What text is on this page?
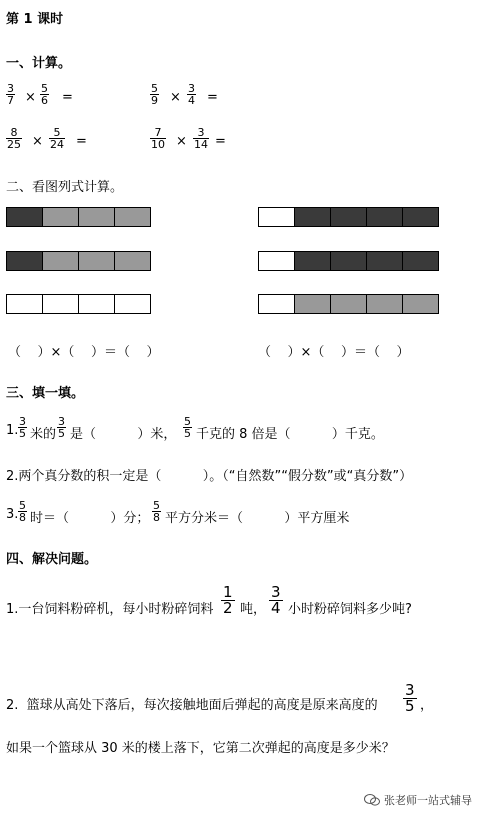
第 1 课时
一、计算。
3
7 ×
5
6 =
5
9 ×
3
4 =
8
25 ×
5
24 =
7
10 ×
3
14 =
二、看图列式计算。
（    ）×（    ）＝（    ）	（    ）×（    ）＝（    ）
三、填一填。
1.
3
5 米的
3
5 是（          ）米，
5
5 千克的 8 倍是（          ）千克。
2.两个真分数的积一定是（          ）。（“自然数”“假分数”或“真分数”）
3.
5
8 时＝（          ）分；
5
8 平方分米＝（          ）平方厘米
四、解决问题。
1.一台饲料粉碎机，每小时粉碎饲料
1
2 吨，
3
4 小时粉碎饲料多少吨?
2.  篮球从高处下落后，每次接触地面后弹起的高度是原来高度的
3
5 ，
如果一个篮球从 30 米的楼上落下，它第二次弹起的高度是多少米？
张老师一站式辅导
